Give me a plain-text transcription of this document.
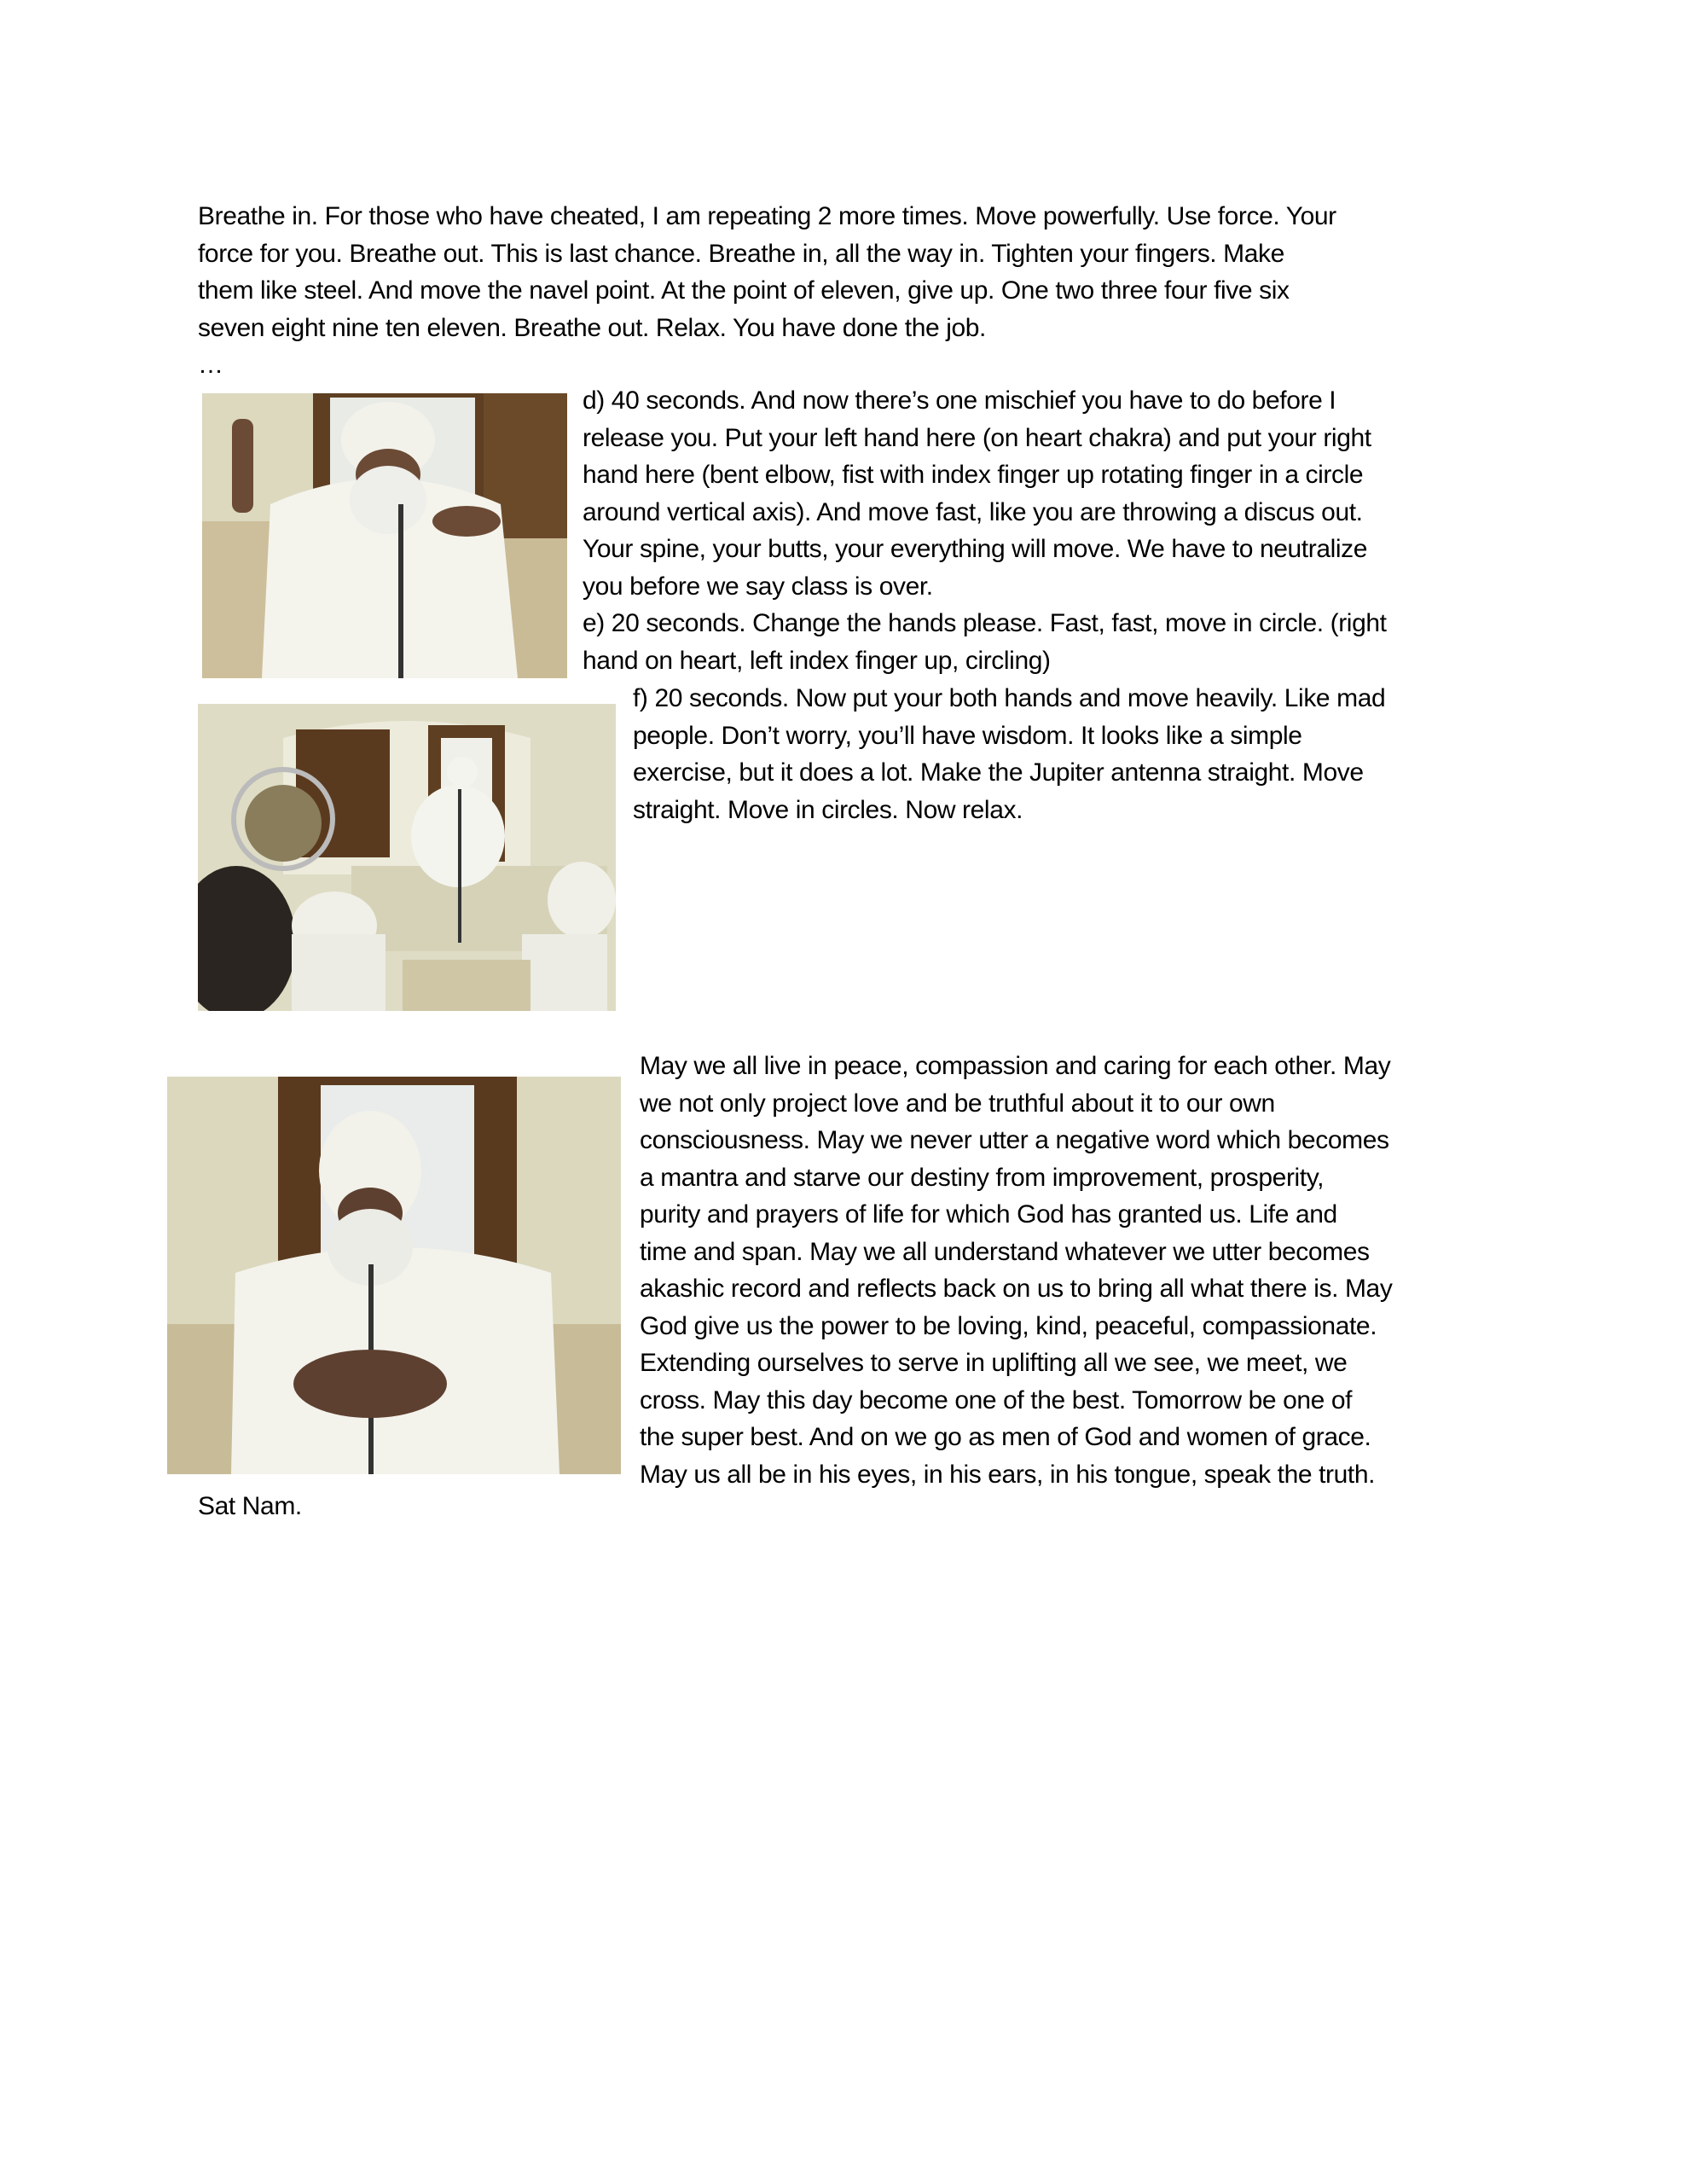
Breathe in. For those who have cheated, I am repeating 2 more times. Move powerfully. Use force. Your
force for you. Breathe out. This is last chance. Breathe in, all the way in. Tighten your fingers. Make
them like steel. And move the navel point. At the point of eleven, give up. One two three four five six
seven eight nine ten eleven. Breathe out. Relax. You have done the job.
…
d) 40 seconds. And now there’s one mischief you have to do before I
release you. Put your left hand here (on heart chakra) and put your right
hand here (bent elbow, fist with index finger up rotating finger in a circle
around vertical axis). And move fast, like you are throwing a discus out.
Your spine, your butts, your everything will move. We have to neutralize
you before we say class is over.
e) 20 seconds. Change the hands please. Fast, fast, move in circle. (right
hand on heart, left index finger up, circling)
f) 20 seconds. Now put your both hands and move heavily. Like mad
people. Don’t worry, you’ll have wisdom. It looks like a simple
exercise, but it does a lot. Make the Jupiter antenna straight. Move
straight. Move in circles. Now relax.
May we all live in peace, compassion and caring for each other. May
we not only project love and be truthful about it to our own
consciousness. May we never utter a negative word which becomes
a mantra and starve our destiny from improvement, prosperity,
purity and prayers of life for which God has granted us. Life and
time and span. May we all understand whatever we utter becomes
akashic record and reflects back on us to bring all what there is. May
God give us the power to be loving, kind, peaceful, compassionate.
Extending ourselves to serve in uplifting all we see, we meet, we
cross. May this day become one of the best. Tomorrow be one of
the super best. And on we go as men of God and women of grace.
May us all be in his eyes, in his ears, in his tongue, speak the truth.
Sat Nam.
